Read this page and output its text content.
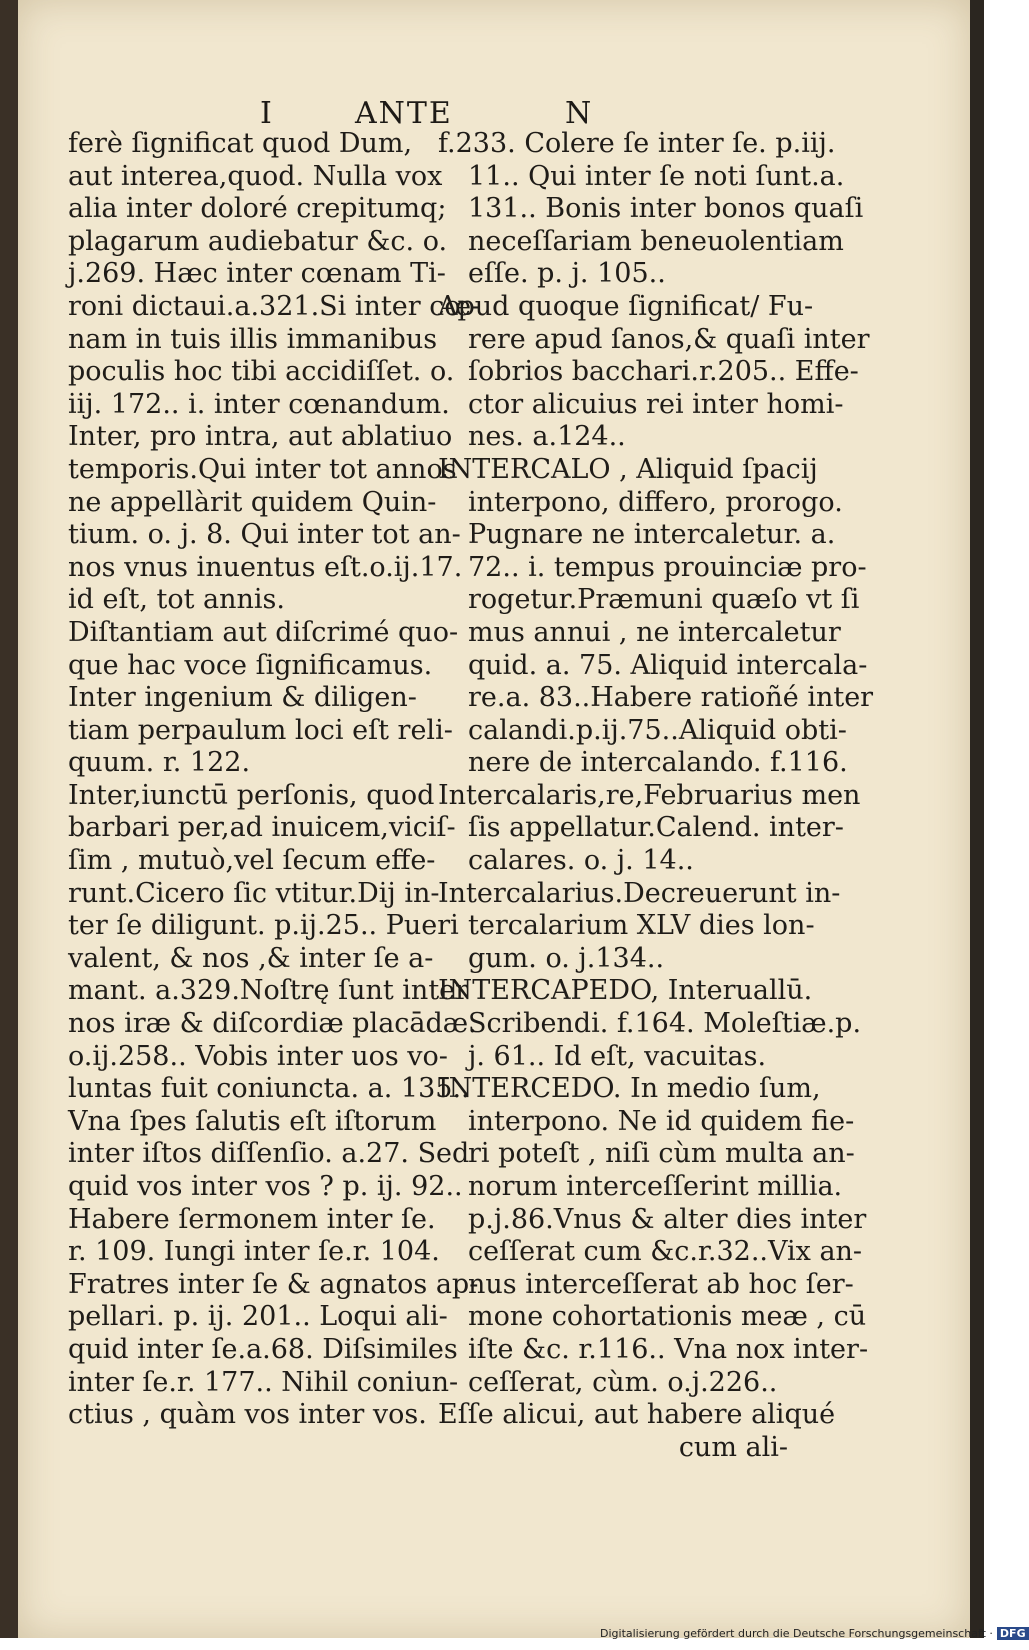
I	ANTE	N
ferè ſignificat quod Dum,
aut interea,quod. Nulla vox
alia inter doloré crepitumq;
plagarum audiebatur &c. o.
j.269. Hæc inter cœnam Ti-
roni dictaui.a.321.Si inter cœ-
nam in tuis illis immanibus
poculis hoc tibi accidiſſet. o.
iij. 172.. i. inter cœnandum.
Inter, pro intra, aut ablatiuo
temporis.Qui inter tot annos
ne appellàrit quidem Quin-
tium. o. j. 8. Qui inter tot an-
nos vnus inuentus eſt.o.ij.17.
id eſt, tot annis.
Diſtantiam aut diſcrimé quo-
que hac voce ſignificamus.
Inter ingenium & diligen-
tiam perpaulum loci eſt reli-
quum. r. 122.
Inter,iunctū perſonis, quod
barbari per,ad inuicem,viciſ-
ſim , mutuò,vel ſecum effe-
runt.Cicero ſic vtitur.Dij in-
ter ſe diligunt. p.ij.25.. Pueri
valent, & nos ,& inter ſe a-
mant. a.329.Noſtrę ſunt inter
nos iræ & diſcordiæ placādæ.
o.ij.258.. Vobis inter uos vo-
luntas fuit coniuncta. a. 135..
Vna ſpes ſalutis eſt iſtorum
inter iſtos diſſenſio. a.27. Sed
quid vos inter vos ? p. ij. 92..
Habere ſermonem inter ſe.
r. 109. Iungi inter ſe.r. 104.
Fratres inter ſe & agnatos ap-
pellari. p. ij. 201.. Loqui ali-
quid inter ſe.a.68. Diſsimiles
inter ſe.r. 177.. Nihil coniun-
ctius , quàm vos inter vos.
f.233. Colere ſe inter ſe. p.iij.
11.. Qui inter ſe noti ſunt.a.
131.. Bonis inter bonos quaſi
neceſſariam beneuolentiam
eſſe. p. j. 105..
Apud quoque ſignificat/ Fu-
rere apud ſanos,& quaſi inter
ſobrios bacchari.r.205.. Effe-
ctor alicuius rei inter homi-
nes. a.124..
INTERCALO , Aliquid ſpacij
interpono, differo, prorogo.
Pugnare ne intercaletur. a.
72.. i. tempus prouinciæ pro-
rogetur.Præmuni quæſo vt ſi
mus annui , ne intercaletur
quid. a. 75. Aliquid intercala-
re.a. 83..Habere ratioñé inter
calandi.p.ij.75..Aliquid obti-
nere de intercalando. f.116.
Intercalaris,re,Februarius men
ſis appellatur.Calend. inter-
calares. o. j. 14..
Intercalarius.Decreuerunt in-
tercalarium XLV dies lon-
gum. o. j.134..
INTERCAPEDO, Interuallū.
Scribendi. f.164. Moleſtiæ.p.
j. 61.. Id eſt, vacuitas.
INTERCEDO. In medio ſum,
interpono. Ne id quidem fie-
ri poteſt , niſi cùm multa an-
norum interceſſerint millia.
p.j.86.Vnus & alter dies inter
ceſſerat cum &c.r.32..Vix an-
nus interceſſerat ab hoc ſer-
mone cohortationis meæ , cū
iſte &c. r.116.. Vna nox inter-
ceſſerat, cùm. o.j.226..
Eſſe alicui, aut habere aliqué
cum ali-
Digitalisierung gefördert durch die Deutsche Forschungsgemeinschaft · DFG
